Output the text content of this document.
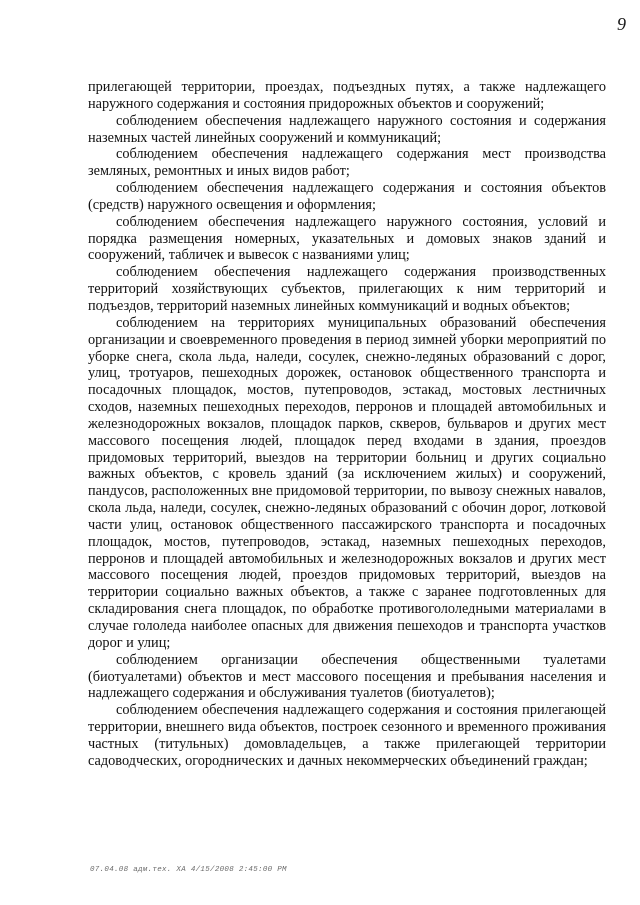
9

прилегающей территории, проездах, подъездных путях, а также надлежащего наружного содержания и состояния придорожных объектов и сооружений;

соблюдением обеспечения надлежащего наружного состояния и содержания наземных частей линейных сооружений и коммуникаций;

соблюдением обеспечения надлежащего содержания мест производства земляных, ремонтных и иных видов работ;

соблюдением обеспечения надлежащего содержания и состояния объектов (средств) наружного освещения и оформления;

соблюдением обеспечения надлежащего наружного состояния, условий и порядка размещения номерных, указательных и домовых знаков зданий и сооружений, табличек и вывесок с названиями улиц;

соблюдением обеспечения надлежащего содержания производственных территорий хозяйствующих субъектов, прилегающих к ним территорий и подъездов, территорий наземных линейных коммуникаций и водных объектов;

соблюдением на территориях муниципальных образований обеспечения организации и своевременного проведения в период зимней уборки мероприятий по уборке снега, скола льда, наледи, сосулек, снежно-ледяных образований с дорог, улиц, тротуаров, пешеходных дорожек, остановок общественного транспорта и посадочных площадок, мостов, путепроводов, эстакад, мостовых лестничных сходов, наземных пешеходных переходов, перронов и площадей автомобильных и железнодорожных вокзалов, площадок парков, скверов, бульваров и других мест массового посещения людей, площадок перед входами в здания, проездов придомовых территорий, выездов на территории больниц и других социально важных объектов, с кровель зданий (за исключением жилых) и сооружений, пандусов, расположенных вне придомовой территории, по вывозу снежных навалов, скола льда, наледи, сосулек, снежно-ледяных образований с обочин дорог, лотковой части улиц, остановок общественного пассажирского транспорта и посадочных площадок, мостов, путепроводов, эстакад, наземных пешеходных переходов, перронов и площадей автомобильных и железнодорожных вокзалов и других мест массового посещения людей, проездов придомовых территорий, выездов на территории социально важных объектов, а также с заранее подготовленных для складирования снега площадок, по обработке противогололедными материалами в случае гололеда наиболее опасных для движения пешеходов и транспорта участков дорог и улиц;

соблюдением организации обеспечения общественными туалетами (биотуалетами) объектов и мест массового посещения и пребывания населения и надлежащего содержания и обслуживания туалетов (биотуалетов);

соблюдением обеспечения надлежащего содержания и состояния прилегающей территории, внешнего вида объектов, построек сезонного и временного проживания частных (титульных) домовладельцев, а также прилегающей территории садоводческих, огороднических и дачных некоммерческих объединений граждан;

07.04.08 адм.тех. ХА 4/15/2008 2:45:00 PM
